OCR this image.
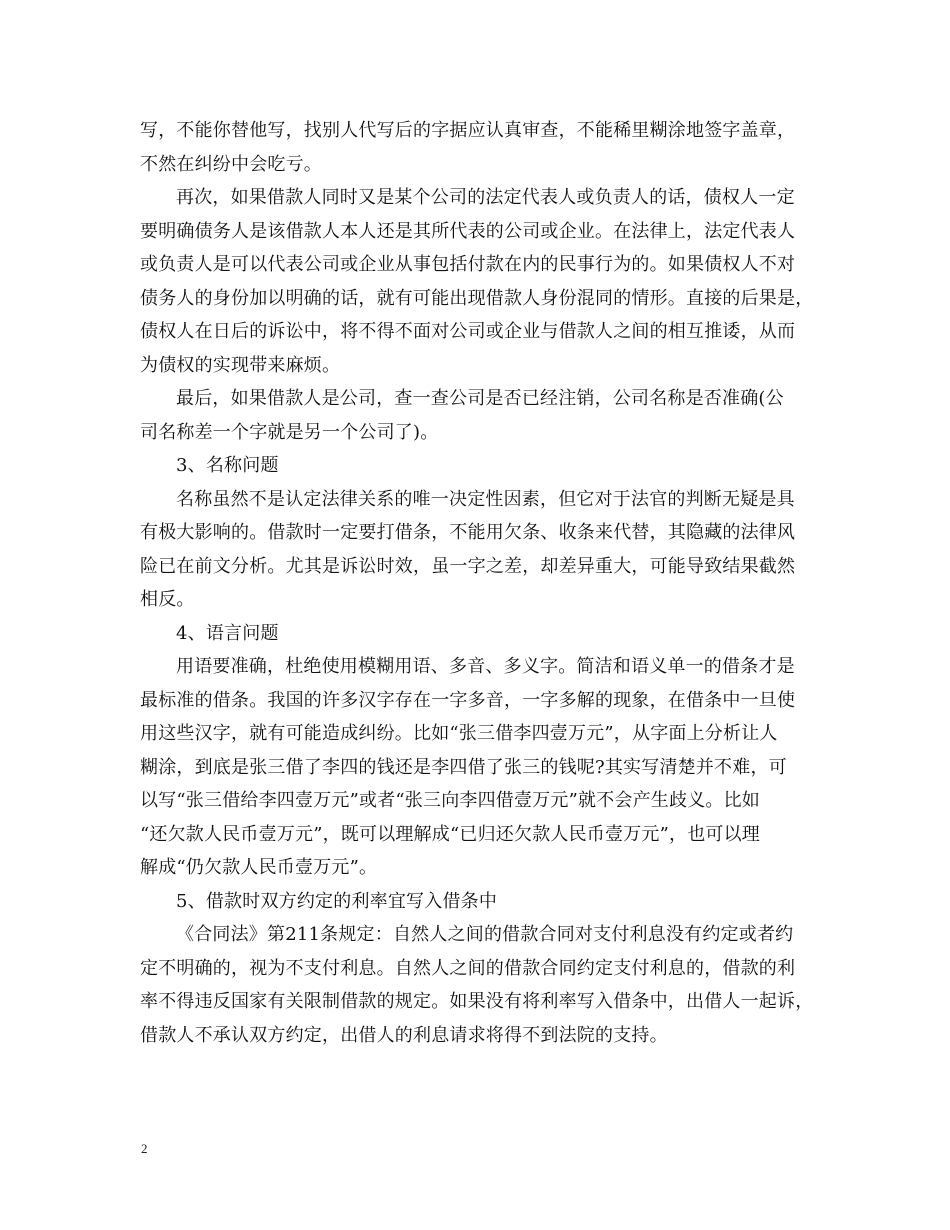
写，不能你替他写，找别人代写后的字据应认真审查，不能稀里糊涂地签字盖章，
不然在纠纷中会吃亏。
再次，如果借款人同时又是某个公司的法定代表人或负责人的话，债权人一定
要明确债务人是该借款人本人还是其所代表的公司或企业。在法律上，法定代表人
或负责人是可以代表公司或企业从事包括付款在内的民事行为的。如果债权人不对
债务人的身份加以明确的话，就有可能出现借款人身份混同的情形。直接的后果是，
债权人在日后的诉讼中，将不得不面对公司或企业与借款人之间的相互推诿，从而
为债权的实现带来麻烦。
最后，如果借款人是公司，查一查公司是否已经注销，公司名称是否准确(公
司名称差一个字就是另一个公司了)。
3、名称问题
名称虽然不是认定法律关系的唯一决定性因素，但它对于法官的判断无疑是具
有极大影响的。借款时一定要打借条，不能用欠条、收条来代替，其隐藏的法律风
险已在前文分析。尤其是诉讼时效，虽一字之差，却差异重大，可能导致结果截然
相反。
4、语言问题
用语要准确，杜绝使用模糊用语、多音、多义字。简洁和语义单一的借条才是
最标准的借条。我国的许多汉字存在一字多音，一字多解的现象，在借条中一旦使
用这些汉字，就有可能造成纠纷。比如“张三借李四壹万元”，从字面上分析让人
糊涂，到底是张三借了李四的钱还是李四借了张三的钱呢?其实写清楚并不难，可
以写“张三借给李四壹万元”或者“张三向李四借壹万元”就不会产生歧义。比如
“还欠款人民币壹万元”，既可以理解成“已归还欠款人民币壹万元”，也可以理
解成“仍欠款人民币壹万元”。
5、借款时双方约定的利率宜写入借条中
《合同法》第211条规定：自然人之间的借款合同对支付利息没有约定或者约
定不明确的，视为不支付利息。自然人之间的借款合同约定支付利息的，借款的利
率不得违反国家有关限制借款的规定。如果没有将利率写入借条中，出借人一起诉，
借款人不承认双方约定，出借人的利息请求将得不到法院的支持。
2
